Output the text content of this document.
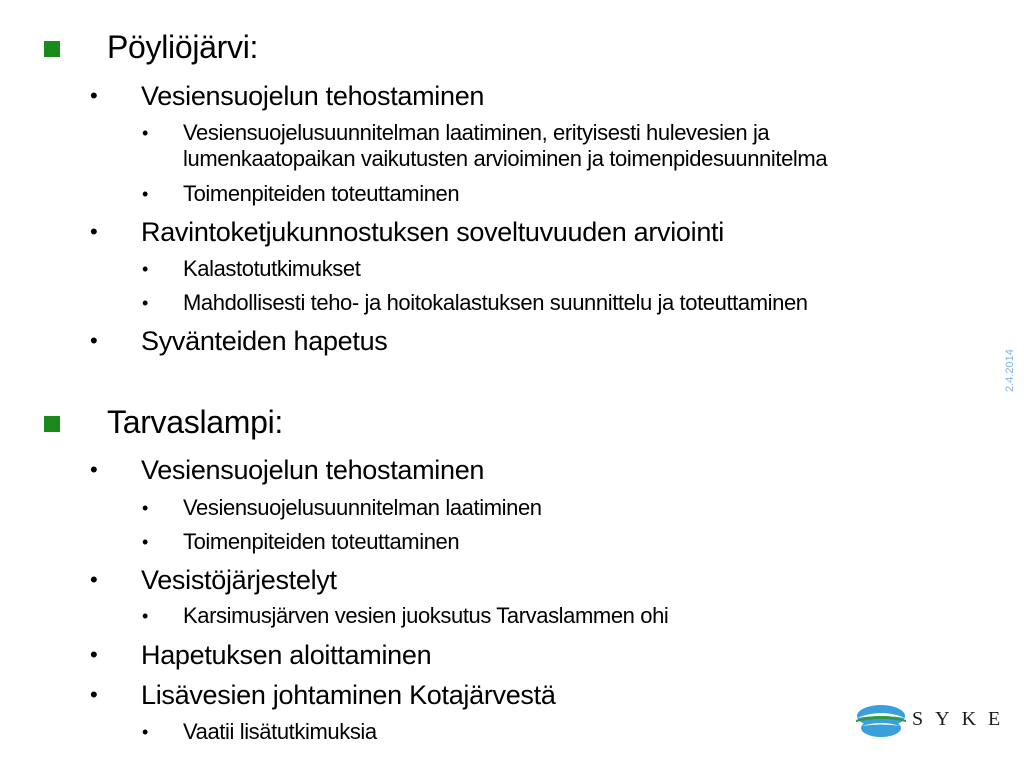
Pöyliöjärvi:
• Vesiensuojelun tehostaminen
• Vesiensuojelusuunnitelman laatiminen, erityisesti hulevesien ja lumenkaatopaikan vaikutusten arvioiminen ja toimenpidesuunnitelma
• Toimenpiteiden toteuttaminen
• Ravintoketjukunnostuksen soveltuvuuden arviointi
• Kalastotutkimukset
• Mahdollisesti teho- ja hoitokalastuksen suunnittelu ja toteuttaminen
• Syvänteiden hapetus
Tarvaslampi:
• Vesiensuojelun tehostaminen
• Vesiensuojelusuunnitelman laatiminen
• Toimenpiteiden toteuttaminen
• Vesistöjärjestelyt
• Karsimusjärven vesien juoksutus Tarvaslammen ohi
• Hapetuksen aloittaminen
• Lisävesien johtaminen Kotajärvestä
• Vaatii lisätutkimuksia
2.4.2014
SYKE
